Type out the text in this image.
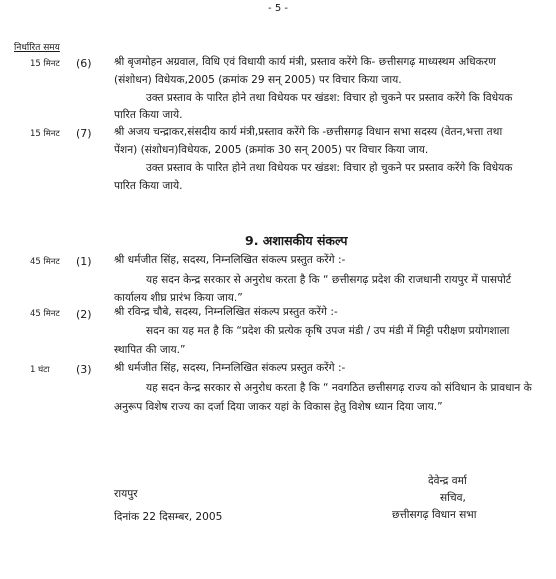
- 5 -
निर्धारित समय
15 मिनट (6) श्री बृजमोहन अग्रवाल, विधि एवं विधायी कार्य मंत्री, प्रस्ताव करेंगे कि- छत्तीसगढ़ माध्यस्थम अधिकरण
(संशोधन) विधेयक,2005 (क्रमांक 29 सन् 2005) पर विचार किया जाय.
उक्त प्रस्ताव के पारित होने तथा विधेयक पर खंडश: विचार हो चुकने पर प्रस्ताव करेंगे कि विधेयक
पारित किया जाये.
15 मिनट (7) श्री अजय चन्द्राकर,संसदीय कार्य मंत्री,प्रस्ताव करेंगे कि -छत्तीसगढ़ विधान सभा सदस्य (वेतन,भत्ता तथा
पेंशन) (संशोधन)विधेयक, 2005 (क्रमांक 30 सन् 2005) पर विचार किया जाय.
उक्त प्रस्ताव के पारित होने तथा विधेयक पर खंडश: विचार हो चुकने पर प्रस्ताव करेंगे कि विधेयक
पारित किया जाये.
9. अशासकीय संकल्प
45 मिनट (1) श्री धर्मजीत सिंह, सदस्य, निम्नलिखित संकल्प प्रस्तुत करेंगे :-
यह सदन केन्द्र सरकार से अनुरोध करता है कि “ छत्तीसगढ़ प्रदेश की राजधानी रायपुर में पासपोर्ट
कार्यालय शीघ्र प्रारंभ किया जाय.”
45 मिनट (2) श्री रविन्द्र चौबे, सदस्य, निम्नलिखित संकल्प प्रस्तुत करेंगे :-
सदन का यह मत है कि “प्रदेश की प्रत्येक कृषि उपज मंडी / उप मंडी में मिट्टी परीक्षण प्रयोगशाला
स्थापित की जाय.”
1 घंटा (3) श्री धर्मजीत सिंह, सदस्य, निम्नलिखित संकल्प प्रस्तुत करेंगे :-
यह सदन केन्द्र सरकार से अनुरोध करता है कि “ नवगठित छत्तीसगढ़ राज्य को संविधान के प्रावधान के
अनुरूप विशेष राज्य का दर्जा दिया जाकर यहां के विकास हेतु विशेष ध्यान दिया जाय.”
रायपुर
दिनांक 22 दिसम्बर, 2005
देवेन्द्र वर्मा
सचिव,
छत्तीसगढ़ विधान सभा
